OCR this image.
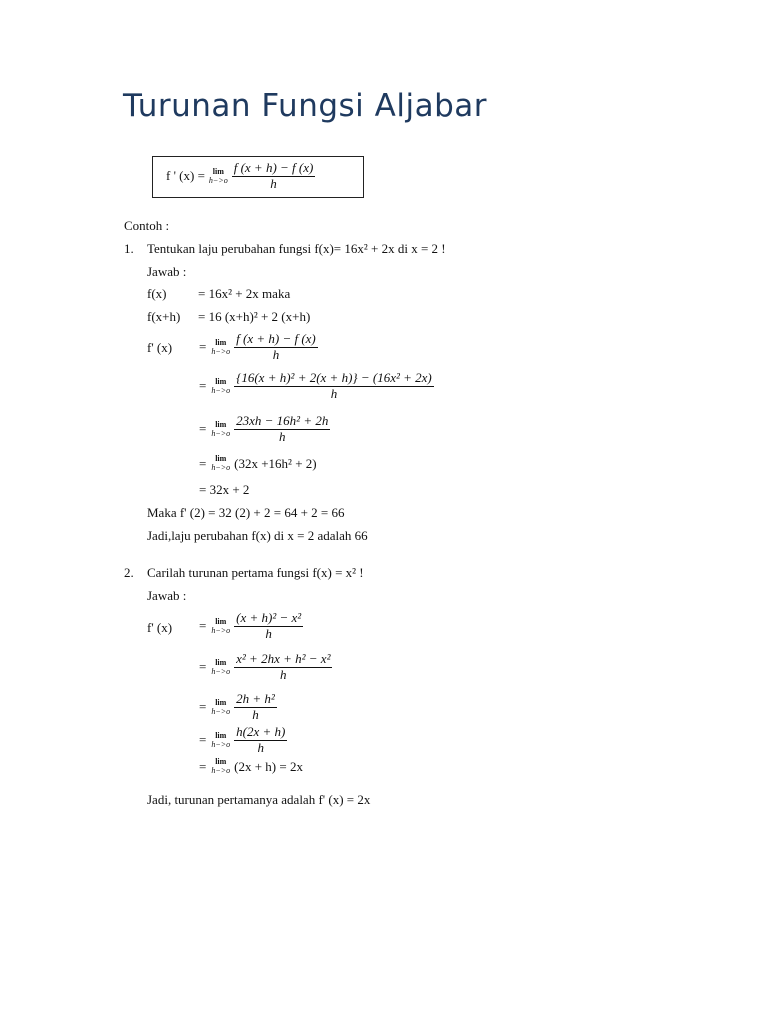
Turunan Fungsi Aljabar
f ' (x) = lim
$h->o \frac{f (x + h) - f (x)}{h}$
Contoh :
1. Tentukan laju perubahan fungsi f(x)= 16x² + 2x di x = 2 !
Jawab :
f(x) = 16x² + 2x maka
f(x+h) = 16 (x+h)² + 2 (x+h)
f' (x) = lim
$h->o \frac{f (x + h) - f (x)}{h}$
= lim
$h->o \frac{\text{\{16(x + h)² + 2(x + h)\} − (16x² + 2x)}}{h}$
= lim
$h->o \frac{\text{23xh − 16h² + 2h}}{h}$
= lim
h−>o (32x +16h² + 2)
= 32x + 2
Maka f' (2) = 32 (2) + 2 = 64 + 2 = 66
Jadi,laju perubahan f(x) di x = 2 adalah 66
2. Carilah turunan pertama fungsi f(x) = x² !
Jawab :
f' (x) = lim
$h->o \frac{\text{(x + h)² − x²}}{h}$
= lim
$h->o \frac{\text{x² + 2hx + h² − x²}}{h}$
= lim
$h->o \frac{\text{2h + h²}}{h}$
= lim
$h->o \frac{h(2x + h)}{h}$
= lim
h−>o (2x + h) = 2x
Jadi, turunan pertamanya adalah f' (x) = 2x
